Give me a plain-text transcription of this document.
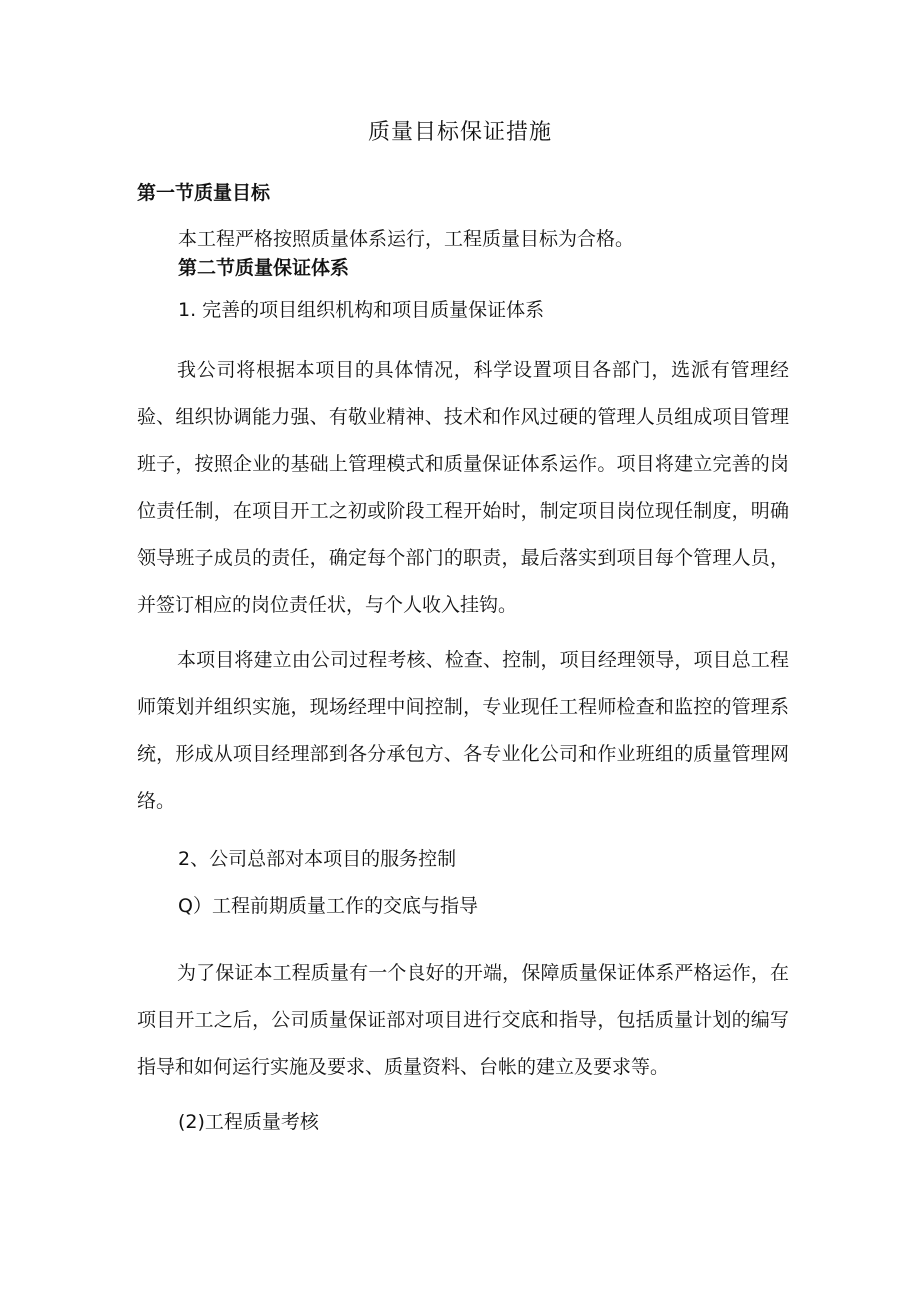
质量目标保证措施
第一节质量目标

本工程严格按照质量体系运行，工程质量目标为合格。

第二节质量保证体系

1. 完善的项目组织机构和项目质量保证体系

我公司将根据本项目的具体情况，科学设置项目各部门，选派有管理经验、组织协调能力强、有敬业精神、技术和作风过硬的管理人员组成项目管理班子，按照企业的基础上管理模式和质量保证体系运作。项目将建立完善的岗位责任制，在项目开工之初或阶段工程开始时，制定项目岗位现任制度，明确领导班子成员的责任，确定每个部门的职责，最后落实到项目每个管理人员，并签订相应的岗位责任状，与个人收入挂钩。

本项目将建立由公司过程考核、检查、控制，项目经理领导，项目总工程师策划并组织实施，现场经理中间控制，专业现任工程师检查和监控的管理系统，形成从项目经理部到各分承包方、各专业化公司和作业班组的质量管理网络。

2、公司总部对本项目的服务控制

Q）工程前期质量工作的交底与指导

为了保证本工程质量有一个良好的开端，保障质量保证体系严格运作，在项目开工之后，公司质量保证部对项目进行交底和指导，包括质量计划的编写指导和如何运行实施及要求、质量资料、台帐的建立及要求等。

(2)工程质量考核
